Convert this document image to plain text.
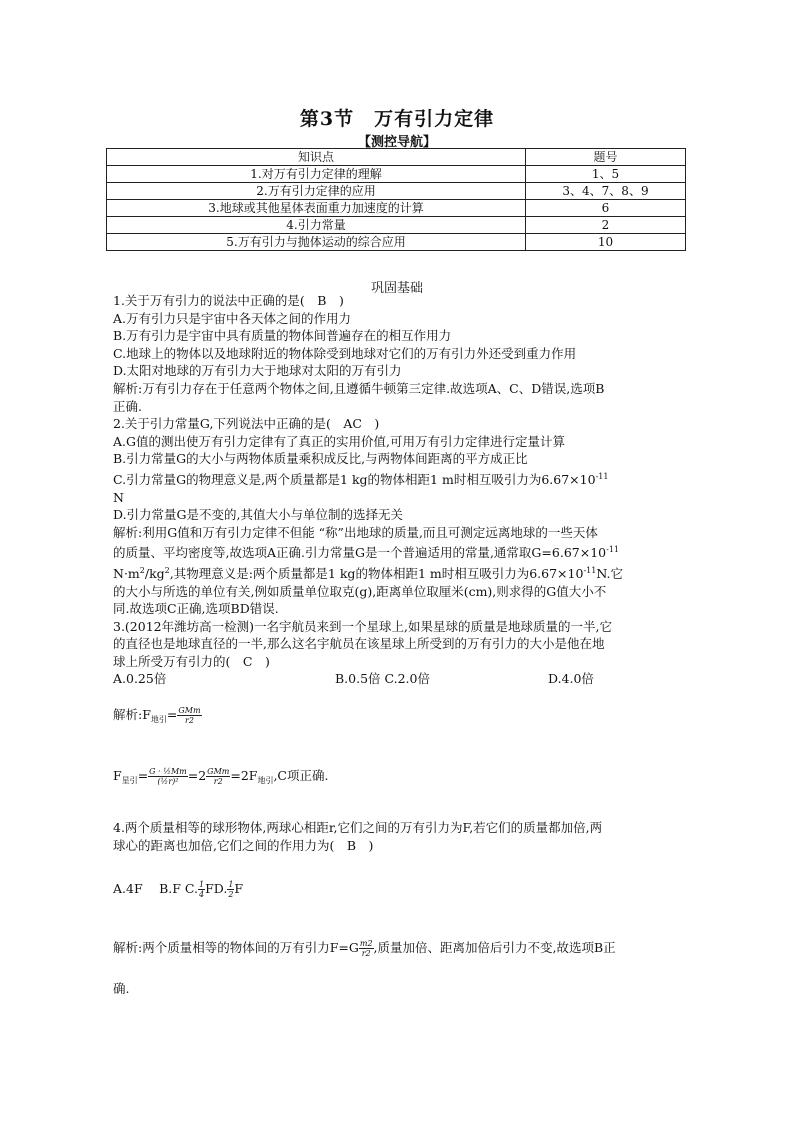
第3节　万有引力定律
【测控导航】
知识点	题号
1.对万有引力定律的理解	1、5
2.万有引力定律的应用	3、4、7、8、9
3.地球或其他星体表面重力加速度的计算	6
4.引力常量	2
5.万有引力与抛体运动的综合应用	10
巩固基础

1.关于万有引力的说法中正确的是(　B　)

A.万有引力只是宇宙中各天体之间的作用力

B.万有引力是宇宙中具有质量的物体间普遍存在的相互作用力

C.地球上的物体以及地球附近的物体除受到地球对它们的万有引力外还受到重力作用

D.太阳对地球的万有引力大于地球对太阳的万有引力

解析:万有引力存在于任意两个物体之间,且遵循牛顿第三定律.故选项A、C、D错误,选项B

正确.

2.关于引力常量G,下列说法中正确的是(　AC　)

A.G值的测出使万有引力定律有了真正的实用价值,可用万有引力定律进行定量计算

B.引力常量G的大小与两物体质量乘积成反比,与两物体间距离的平方成正比

C.引力常量G的物理意义是,两个质量都是1 kg的物体相距1 m时相互吸引力为$6.67\times 10^{-11}$

N

D.引力常量G是不变的,其值大小与单位制的选择无关

解析:利用G值和万有引力定律不但能 “称”出地球的质量,而且可测定远离地球的一些天体

的质量、平均密度等,故选项A正确.引力常量G是一个普遍适用的常量,通常取$G=6.67\times 10^{-11}$

$N\cdot m^2/kg^2$,其物理意义是:两个质量都是1 kg的物体相距1 m时相互吸引力为$6.67\times 10^{-11}N$.它

的大小与所选的单位有关,例如质量单位取克(g),距离单位取厘米(cm),则求得的G值大小不

同.故选项C正确,选项BD错误.

3.(2012年潍坊高一检测)一名宇航员来到一个星球上,如果星球的质量是地球质量的一半,它

的直径也是地球直径的一半,那么这名宇航员在该星球上所受到的万有引力的大小是他在地

球上所受万有引力的(　C　)

A.0.25倍	B.0.5倍 C.2.0倍	D.4.0倍

解析$:F_{地引}= \frac{\text{GMm}}{r2}$

$F_{星引}= \frac{\text{G · ½Mm}}{\text{(½r)²}} =2 \frac{\text{GMm}}{r2} =2F_{地引},C$项正确.

4.两个质量相等的球形物体,两球心相距r,它们之间的万有引力为F,若它们的质量都加倍,两

球心的距离也加倍,它们之间的作用力为(　B　)

A.4F　 B.F C. $\frac{1}{4}$ FD. $\frac{1}{2}$ F

解析:两个质量相等的物体间的万有引力$F=G \frac{m2}{r2}$ ,质量加倍、距离加倍后引力不变,故选项B正

确.
